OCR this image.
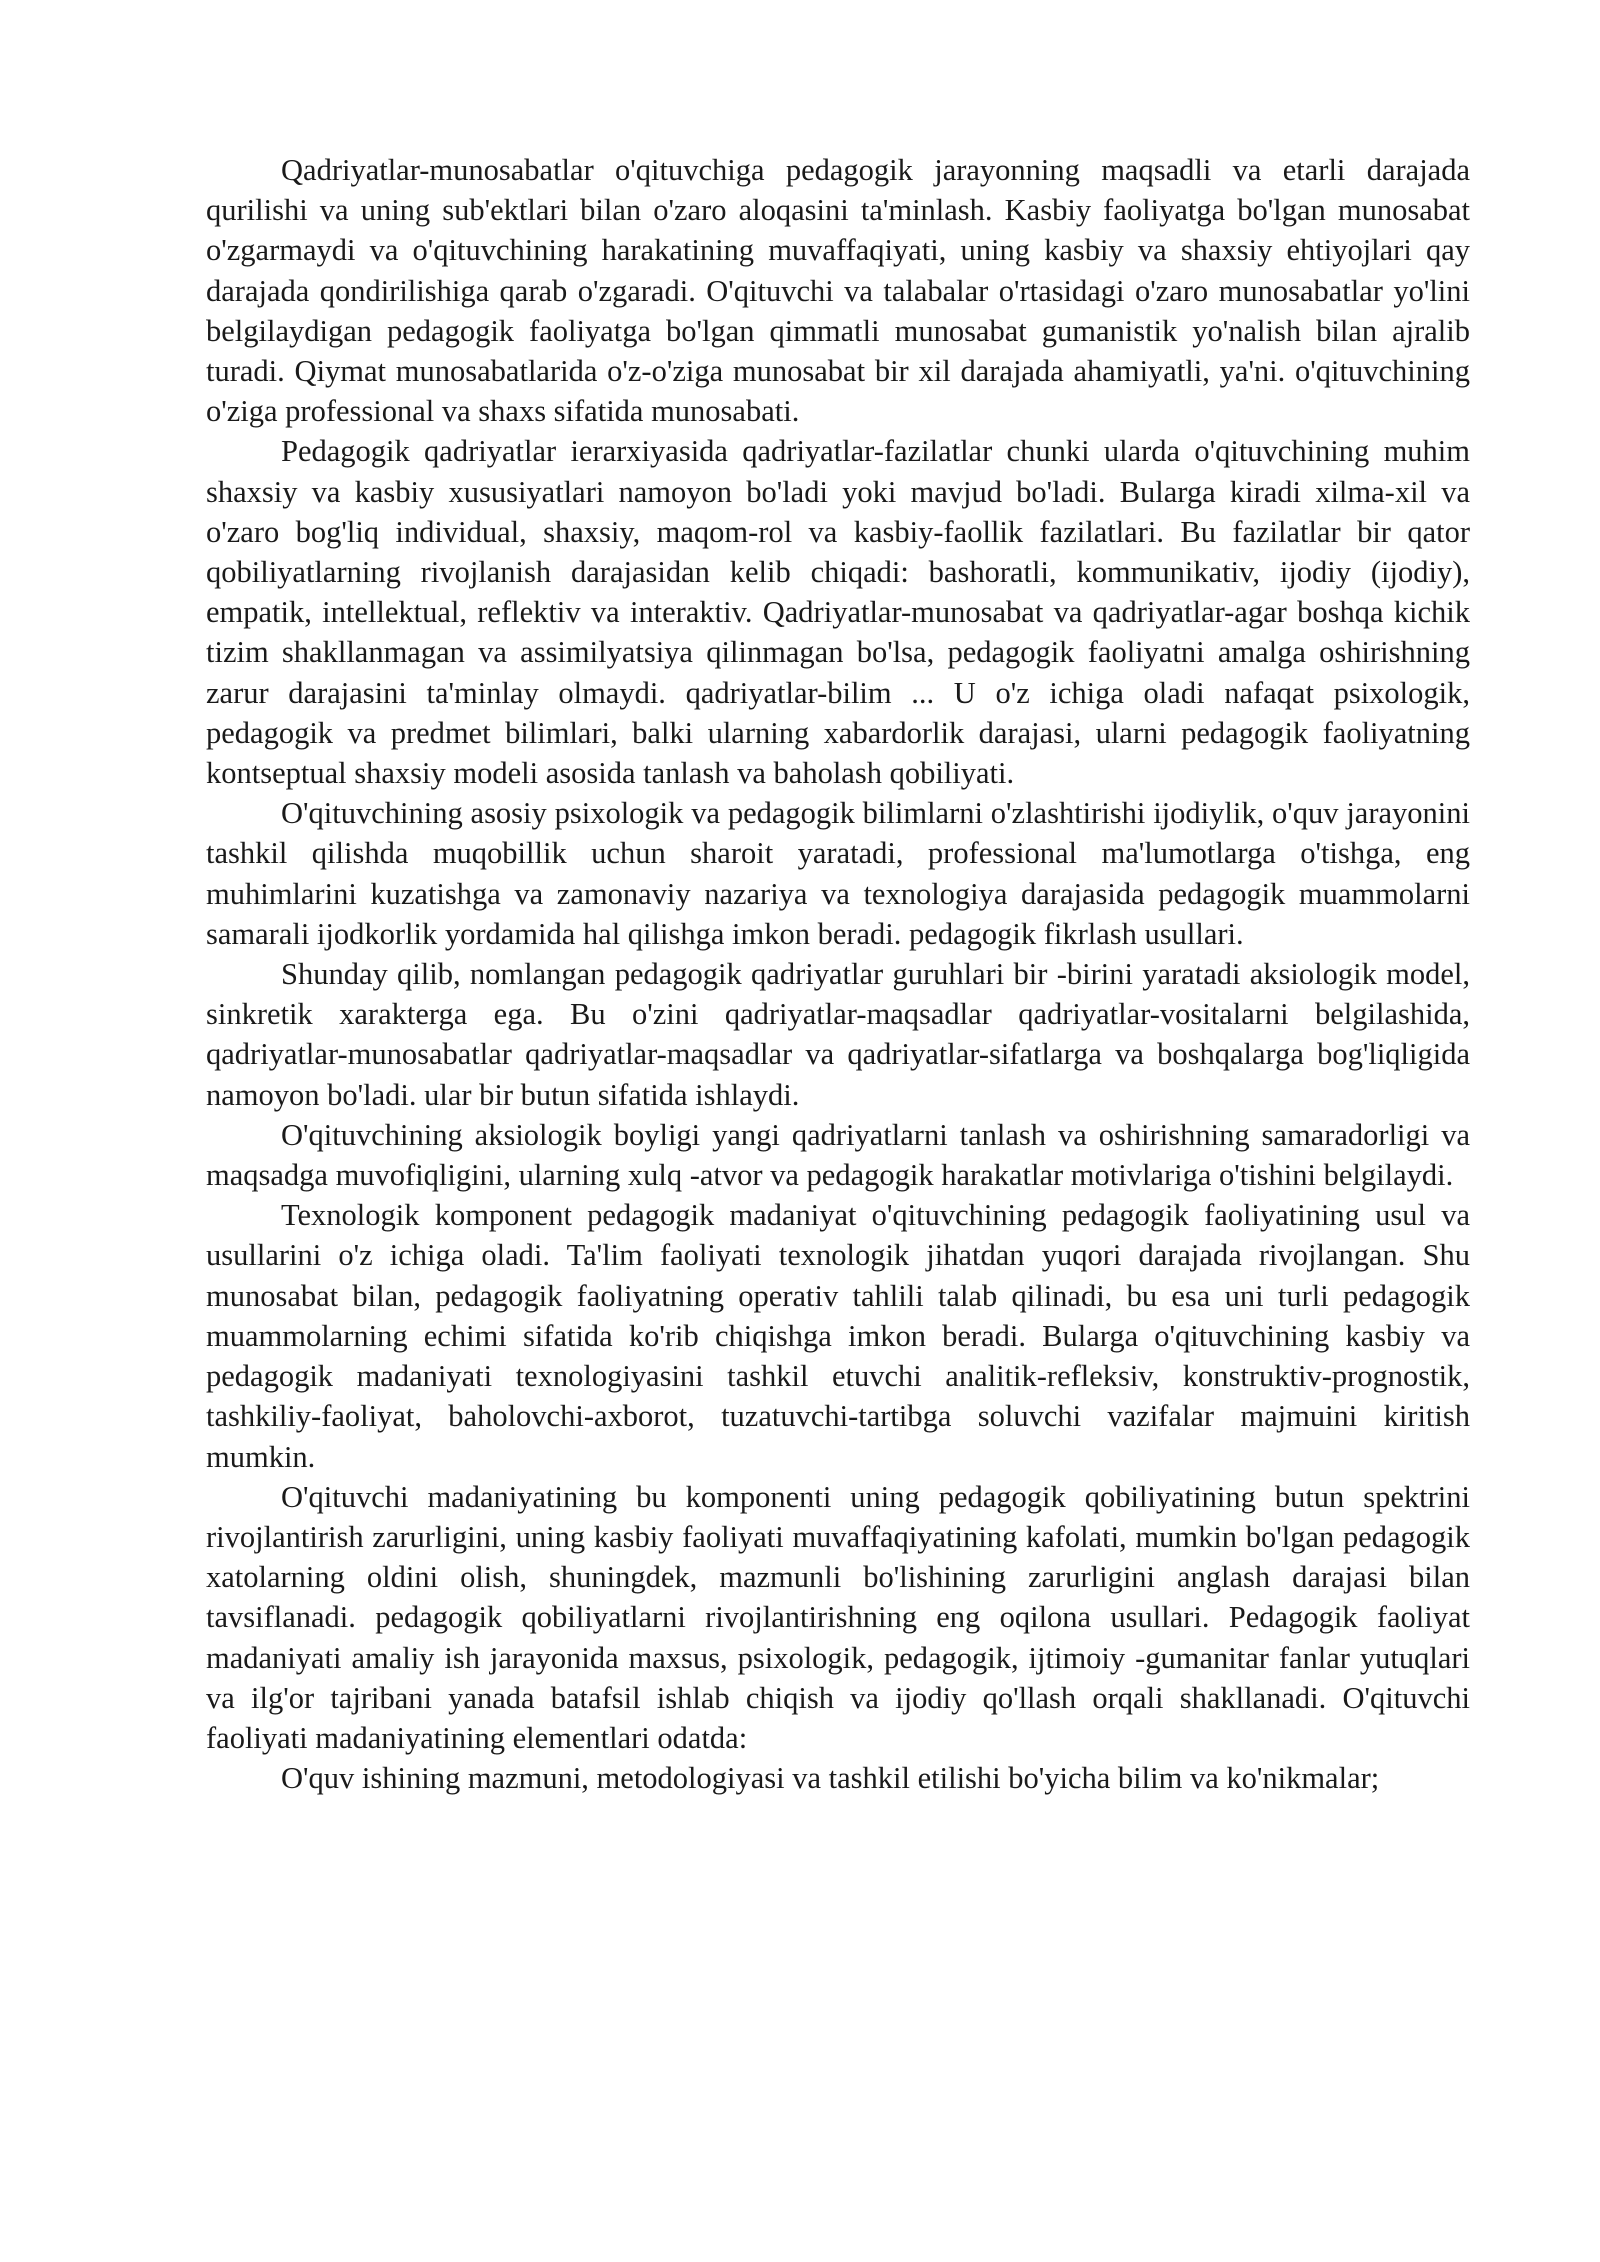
Qadriyatlar-munosabatlar o'qituvchiga pedagogik jarayonning maqsadli va etarli darajada qurilishi va uning sub'ektlari bilan o'zaro aloqasini ta'minlash. Kasbiy faoliyatga bo'lgan munosabat o'zgarmaydi va o'qituvchining harakatining muvaffaqiyati, uning kasbiy va shaxsiy ehtiyojlari qay darajada qondirilishiga qarab o'zgaradi. O'qituvchi va talabalar o'rtasidagi o'zaro munosabatlar yo'lini belgilaydigan pedagogik faoliyatga bo'lgan qimmatli munosabat gumanistik yo'nalish bilan ajralib turadi. Qiymat munosabatlarida o'z-o'ziga munosabat bir xil darajada ahamiyatli, ya'ni. o'qituvchining o'ziga professional va shaxs sifatida munosabati.

Pedagogik qadriyatlar ierarxiyasida qadriyatlar-fazilatlar chunki ularda o'qituvchining muhim shaxsiy va kasbiy xususiyatlari namoyon bo'ladi yoki mavjud bo'ladi. Bularga kiradi xilma-xil va o'zaro bog'liq individual, shaxsiy, maqom-rol va kasbiy-faollik fazilatlari. Bu fazilatlar bir qator qobiliyatlarning rivojlanish darajasidan kelib chiqadi: bashoratli, kommunikativ, ijodiy (ijodiy), empatik, intellektual, reflektiv va interaktiv. Qadriyatlar-munosabat va qadriyatlar-agar boshqa kichik tizim shakllanmagan va assimilyatsiya qilinmagan bo'lsa, pedagogik faoliyatni amalga oshirishning zarur darajasini ta'minlay olmaydi. qadriyatlar-bilim ... U o'z ichiga oladi nafaqat psixologik, pedagogik va predmet bilimlari, balki ularning xabardorlik darajasi, ularni pedagogik faoliyatning kontseptual shaxsiy modeli asosida tanlash va baholash qobiliyati.

O'qituvchining asosiy psixologik va pedagogik bilimlarni o'zlashtirishi ijodiylik, o'quv jarayonini tashkil qilishda muqobillik uchun sharoit yaratadi, professional ma'lumotlarga o'tishga, eng muhimlarini kuzatishga va zamonaviy nazariya va texnologiya darajasida pedagogik muammolarni samarali ijodkorlik yordamida hal qilishga imkon beradi. pedagogik fikrlash usullari.

Shunday qilib, nomlangan pedagogik qadriyatlar guruhlari bir -birini yaratadi aksiologik model, sinkretik xarakterga ega. Bu o'zini qadriyatlar-maqsadlar qadriyatlar-vositalarni belgilashida, qadriyatlar-munosabatlar qadriyatlar-maqsadlar va qadriyatlar-sifatlarga va boshqalarga bog'liqligida namoyon bo'ladi. ular bir butun sifatida ishlaydi.

O'qituvchining aksiologik boyligi yangi qadriyatlarni tanlash va oshirishning samaradorligi va maqsadga muvofiqligini, ularning xulq -atvor va pedagogik harakatlar motivlariga o'tishini belgilaydi.

Texnologik komponent pedagogik madaniyat o'qituvchining pedagogik faoliyatining usul va usullarini o'z ichiga oladi. Ta'lim faoliyati texnologik jihatdan yuqori darajada rivojlangan. Shu munosabat bilan, pedagogik faoliyatning operativ tahlili talab qilinadi, bu esa uni turli pedagogik muammolarning echimi sifatida ko'rib chiqishga imkon beradi. Bularga o'qituvchining kasbiy va pedagogik madaniyati texnologiyasini tashkil etuvchi analitik-refleksiv, konstruktiv-prognostik, tashkiliy-faoliyat, baholovchi-axborot, tuzatuvchi-tartibga soluvchi vazifalar majmuini kiritish mumkin.

O'qituvchi madaniyatining bu komponenti uning pedagogik qobiliyatining butun spektrini rivojlantirish zarurligini, uning kasbiy faoliyati muvaffaqiyatining kafolati, mumkin bo'lgan pedagogik xatolarning oldini olish, shuningdek, mazmunli bo'lishining zarurligini anglash darajasi bilan tavsiflanadi. pedagogik qobiliyatlarni rivojlantirishning eng oqilona usullari. Pedagogik faoliyat madaniyati amaliy ish jarayonida maxsus, psixologik, pedagogik, ijtimoiy -gumanitar fanlar yutuqlari va ilg'or tajribani yanada batafsil ishlab chiqish va ijodiy qo'llash orqali shakllanadi. O'qituvchi faoliyati madaniyatining elementlari odatda:

O'quv ishining mazmuni, metodologiyasi va tashkil etilishi bo'yicha bilim va ko'nikmalar;
